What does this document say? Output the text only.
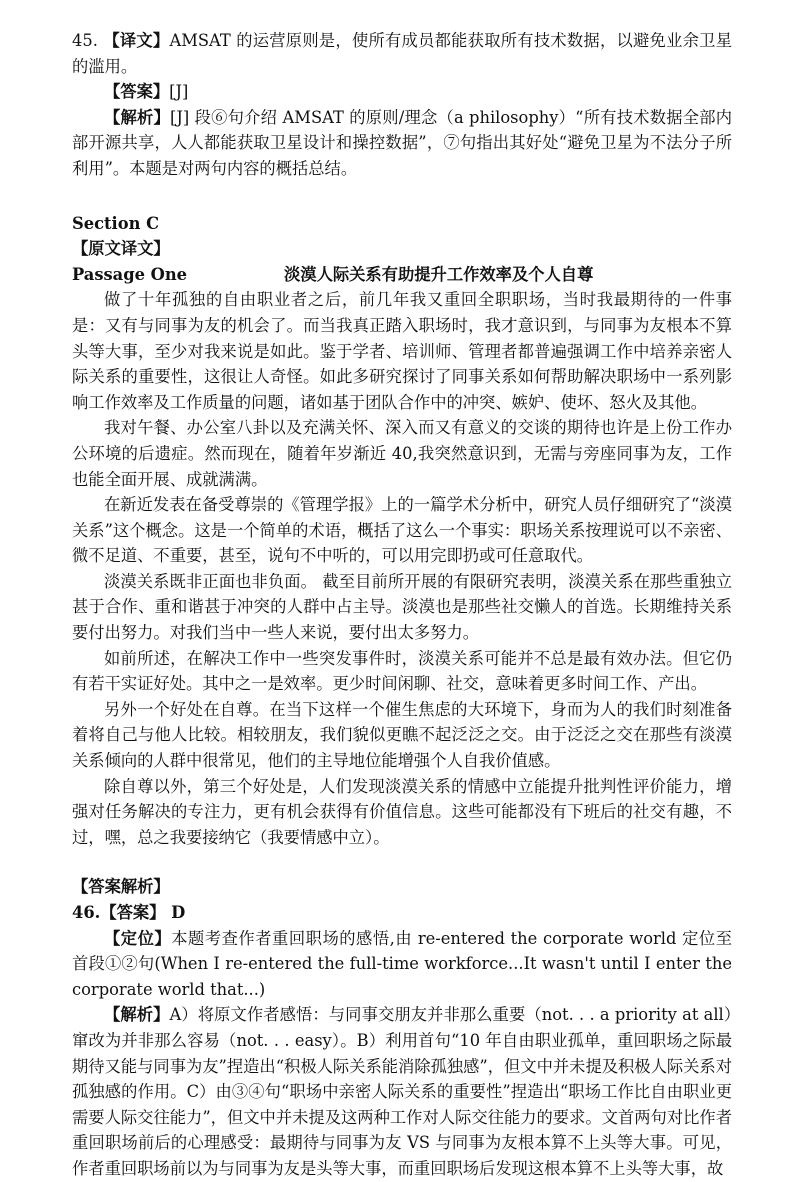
45. 【译文】AMSAT 的运营原则是，使所有成员都能获取所有技术数据，以避免业余卫星的滥用。

【答案】[J]

【解析】[J] 段⑥句介绍 AMSAT 的原则/理念（a philosophy）“所有技术数据全部内部开源共享，人人都能获取卫星设计和操控数据”，⑦句指出其好处“避免卫星为不法分子所利用”。本题是对两句内容的概括总结。

Section C

【原文译文】

Passage One	淡漠人际关系有助提升工作效率及个人自尊

做了十年孤独的自由职业者之后，前几年我又重回全职职场，当时我最期待的一件事是：又有与同事为友的机会了。而当我真正踏入职场时，我才意识到，与同事为友根本不算头等大事，至少对我来说是如此。鉴于学者、培训师、管理者都普遍强调工作中培养亲密人际关系的重要性，这很让人奇怪。如此多研究探讨了同事关系如何帮助解决职场中一系列影响工作效率及工作质量的问题，诸如基于团队合作中的冲突、嫉妒、使坏、怒火及其他。

我对午餐、办公室八卦以及充满关怀、深入而又有意义的交谈的期待也许是上份工作办公环境的后遗症。然而现在，随着年岁渐近 40,我突然意识到，无需与旁座同事为友，工作也能全面开展、成就满满。

在新近发表在备受尊崇的《管理学报》上的一篇学术分析中，研究人员仔细研究了“淡漠关系”这个概念。这是一个简单的术语，概括了这么一个事实：职场关系按理说可以不亲密、微不足道、不重要，甚至，说句不中听的，可以用完即扔或可任意取代。

淡漠关系既非正面也非负面。 截至目前所开展的有限研究表明，淡漠关系在那些重独立甚于合作、重和谐甚于冲突的人群中占主导。淡漠也是那些社交懒人的首选。长期维持关系要付出努力。对我们当中一些人来说，要付出太多努力。

如前所述，在解决工作中一些突发事件时，淡漠关系可能并不总是最有效办法。但它仍有若干实证好处。其中之一是效率。更少时间闲聊、社交，意味着更多时间工作、产出。

另外一个好处在自尊。在当下这样一个催生焦虑的大环境下，身而为人的我们时刻准备着将自己与他人比较。相较朋友，我们貌似更瞧不起泛泛之交。由于泛泛之交在那些有淡漠关系倾向的人群中很常见，他们的主导地位能增强个人自我价值感。

除自尊以外，第三个好处是，人们发现淡漠关系的情感中立能提升批判性评价能力，增强对任务解决的专注力，更有机会获得有价值信息。这些可能都没有下班后的社交有趣，不过，嘿，总之我要接纳它（我要情感中立）。

【答案解析】

46.【答案】 D

【定位】本题考查作者重回职场的感悟,由 re-entered the corporate world 定位至首段①②句(When I re-entered the full-time workforce...It wasn't until I enter the corporate world that...)

【解析】A）将原文作者感悟：与同事交朋友并非那么重要（not. . . a priority at all）窜改为并非那么容易（not. . . easy）。B）利用首句“10 年自由职业孤单，重回职场之际最期待又能与同事为友”捏造出“积极人际关系能消除孤独感”，但文中并未提及积极人际关系对孤独感的作用。C）由③④句“职场中亲密人际关系的重要性”捏造出“职场工作比自由职业更需要人际交往能力”，但文中并未提及这两种工作对人际交往能力的要求。文首两句对比作者重回职场前后的心理感受：最期待与同事为友 VS 与同事为友根本算不上头等大事。可见，作者重回职场前以为与同事为友是头等大事，而重回职场后发现这根本算不上头等大事，故
